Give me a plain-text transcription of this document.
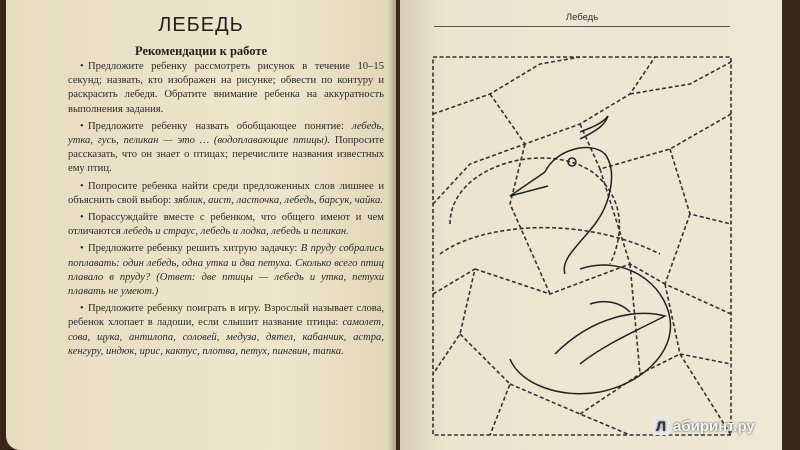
ЛЕБЕДЬ
Рекомендации к работе

• Предложите ребенку рассмотреть рисунок в течение 10–15 секунд; назвать, кто изображен на рисунке; обвести по контуру и раскрасить лебедя. Обратите внимание ребенка на аккуратность выполнения задания.

• Предложите ребенку назвать обобщающее понятие: лебедь, утка, гусь, пеликан — это … (водоплавающие птицы). Попросите рассказать, что он знает о птицах; перечислите названия известных ему птиц.

• Попросите ребенка найти среди предложенных слов лишнее и объяснить свой выбор: зяблик, аист, ласточка, лебедь, барсук, чайка.

• Порассуждайте вместе с ребенком, что общего имеют и чем отличаются лебедь и страус, лебедь и лодка, лебедь и пеликан.

• Предложите ребенку решить хитрую задачку: В пруду собрались поплавать: один лебедь, одна утка и два петуха. Сколько всего птиц плавало в пруду? (Ответ: две птицы — лебедь и утка, петухи плавать не умеют.)

• Предложите ребенку поиграть в игру. Взрослый называет слова, ребенок хлопает в ладоши, если слышит название птицы: самолет, сова, щука, антилопа, соловей, медуза, дятел, кабанчик, астра, кенгуру, индюк, ирис, кактус, плотва, петух, пингвин, тапка.

Лебедь
Л абиринт.ру
